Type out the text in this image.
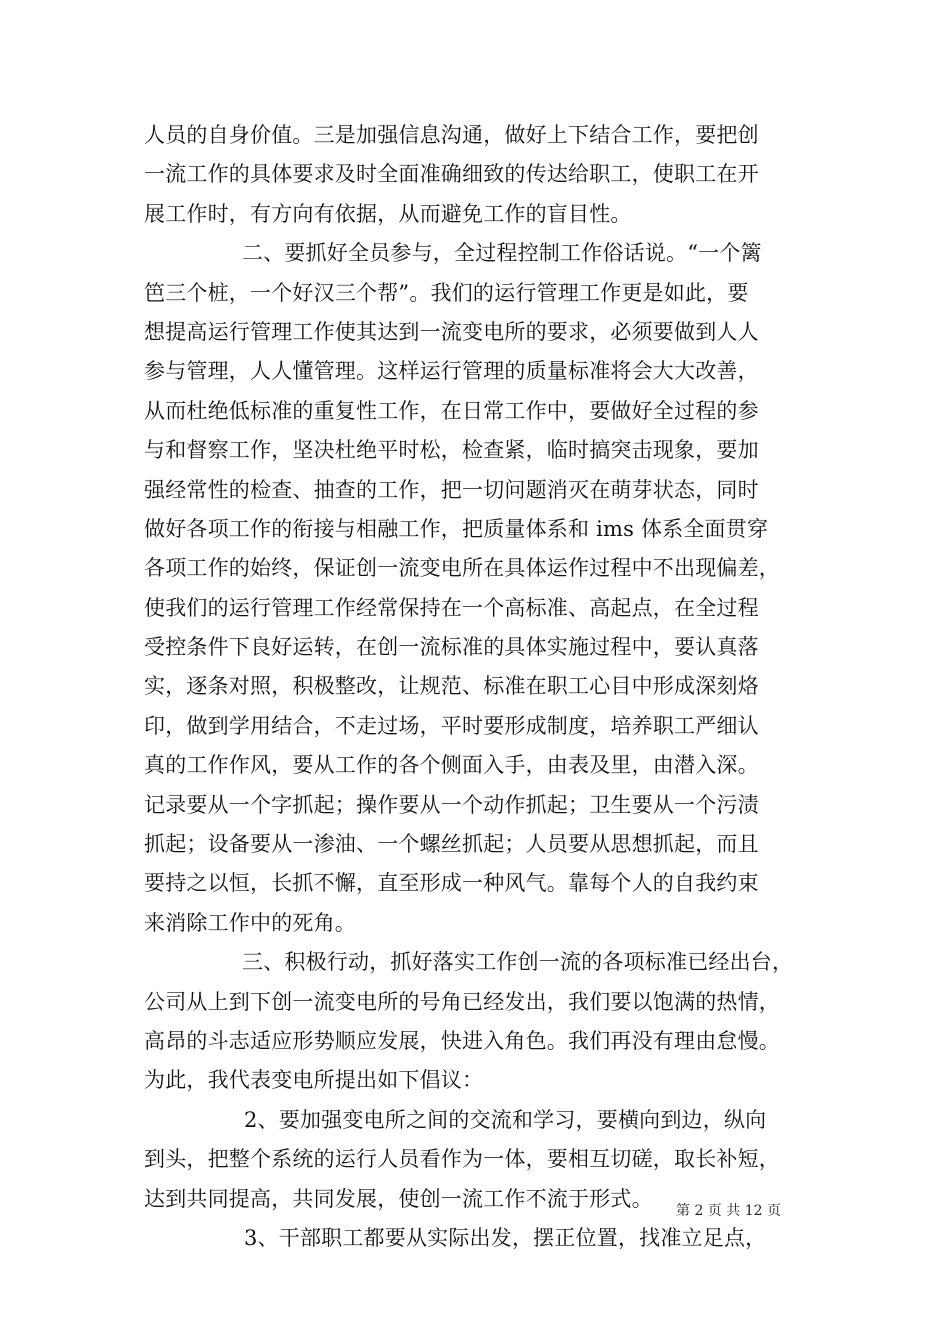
人员的自身价值。三是加强信息沟通，做好上下结合工作，要把创
一流工作的具体要求及时全面准确细致的传达给职工，使职工在开
展工作时，有方向有依据，从而避免工作的盲目性。
二、要抓好全员参与，全过程控制工作俗话说。“一个篱
笆三个桩，一个好汉三个帮”。我们的运行管理工作更是如此，要
想提高运行管理工作使其达到一流变电所的要求，必须要做到人人
参与管理，人人懂管理。这样运行管理的质量标准将会大大改善，
从而杜绝低标准的重复性工作，在日常工作中，要做好全过程的参
与和督察工作，坚决杜绝平时松，检查紧，临时搞突击现象，要加
强经常性的检查、抽查的工作，把一切问题消灭在萌芽状态，同时
做好各项工作的衔接与相融工作，把质量体系和 ims 体系全面贯穿
各项工作的始终，保证创一流变电所在具体运作过程中不出现偏差，
使我们的运行管理工作经常保持在一个高标准、高起点，在全过程
受控条件下良好运转，在创一流标准的具体实施过程中，要认真落
实，逐条对照，积极整改，让规范、标准在职工心目中形成深刻烙
印，做到学用结合，不走过场，平时要形成制度，培养职工严细认
真的工作作风，要从工作的各个侧面入手，由表及里，由潜入深。
记录要从一个字抓起；操作要从一个动作抓起；卫生要从一个污渍
抓起；设备要从一渗油、一个螺丝抓起；人员要从思想抓起，而且
要持之以恒，长抓不懈，直至形成一种风气。靠每个人的自我约束
来消除工作中的死角。
三、积极行动，抓好落实工作创一流的各项标准已经出台，
公司从上到下创一流变电所的号角已经发出，我们要以饱满的热情，
高昂的斗志适应形势顺应发展，快进入角色。我们再没有理由怠慢。
为此，我代表变电所提出如下倡议：
2、要加强变电所之间的交流和学习，要横向到边，纵向
到头，把整个系统的运行人员看作为一体，要相互切磋，取长补短，
达到共同提高，共同发展，使创一流工作不流于形式。
3、干部职工都要从实际出发，摆正位置，找准立足点，
第 2 页 共 12 页
